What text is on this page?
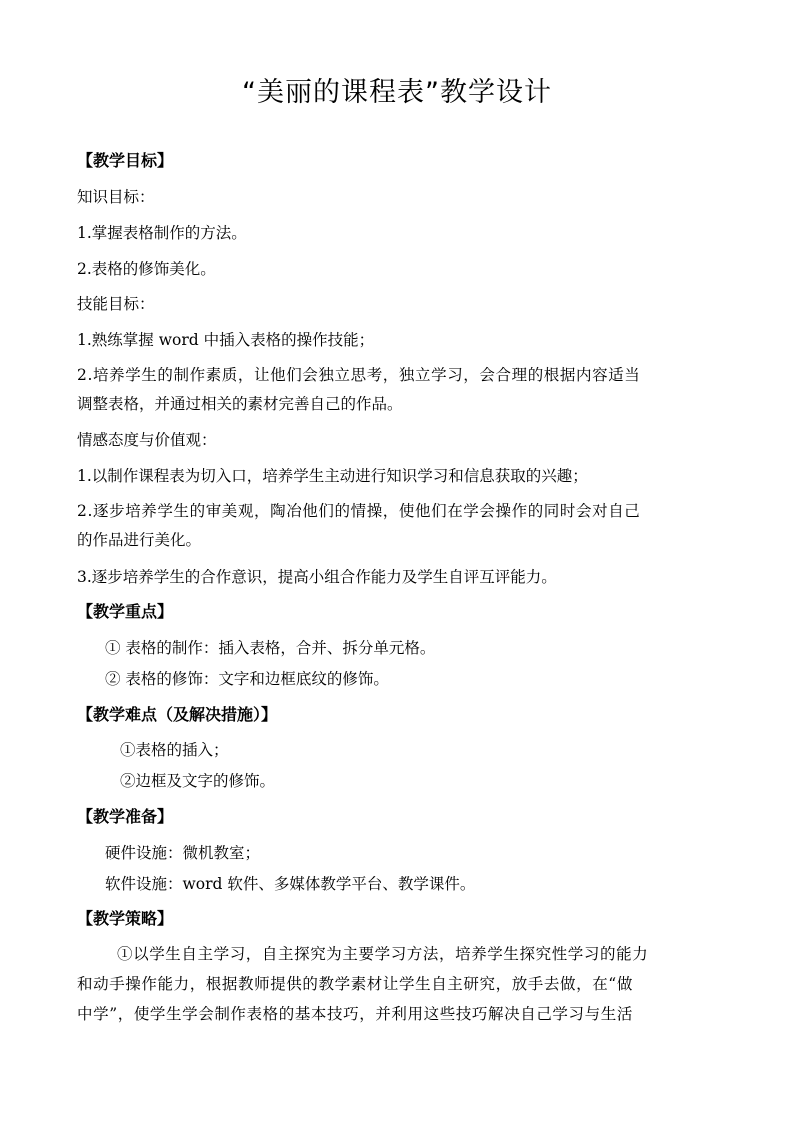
“美丽的课程表”教学设计
【教学目标】
知识目标：
1.掌握表格制作的方法。
2.表格的修饰美化。
技能目标：
1.熟练掌握 word 中插入表格的操作技能；
2.培养学生的制作素质，让他们会独立思考，独立学习，会合理的根据内容适当
调整表格，并通过相关的素材完善自己的作品。
情感态度与价值观：
1.以制作课程表为切入口，培养学生主动进行知识学习和信息获取的兴趣；
2.逐步培养学生的审美观，陶冶他们的情操，使他们在学会操作的同时会对自己
的作品进行美化。
3.逐步培养学生的合作意识，提高小组合作能力及学生自评互评能力。
【教学重点】
① 表格的制作：插入表格，合并、拆分单元格。
② 表格的修饰：文字和边框底纹的修饰。
【教学难点（及解决措施）】
①表格的插入；
②边框及文字的修饰。
【教学准备】
硬件设施：微机教室；
软件设施：word 软件、多媒体教学平台、教学课件。
【教学策略】
①以学生自主学习，自主探究为主要学习方法，培养学生探究性学习的能力
和动手操作能力，根据教师提供的教学素材让学生自主研究，放手去做，在“做
中学”，使学生学会制作表格的基本技巧，并利用这些技巧解决自己学习与生活
